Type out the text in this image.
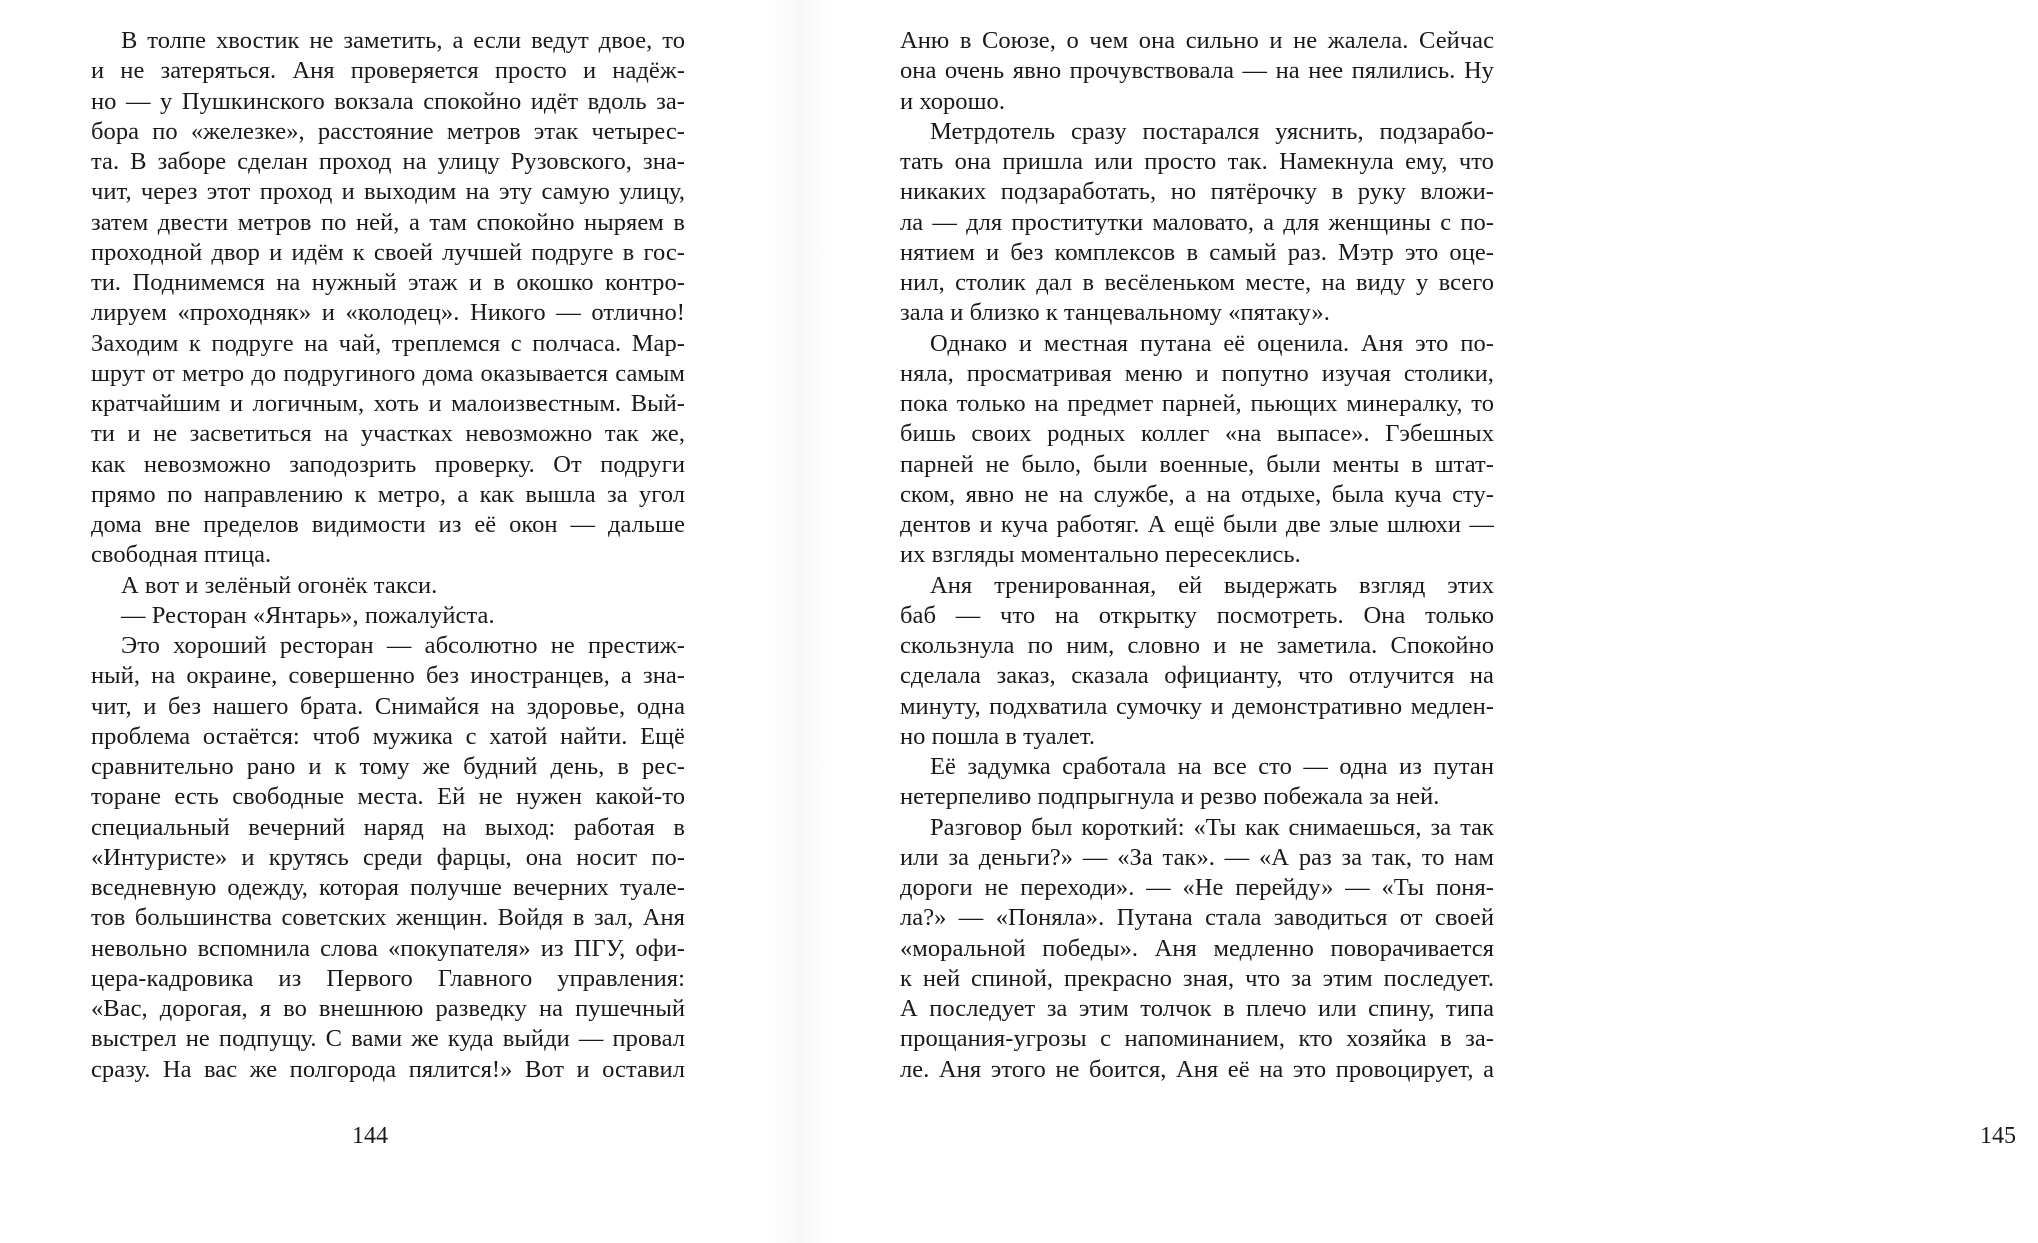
В толпе хвостик не заметить, а если ведут двое, то
и не затеряться. Аня проверяется просто и надёж-
но — у Пушкинского вокзала спокойно идёт вдоль за-
бора по «железке», расстояние метров этак четырес-
та. В заборе сделан проход на улицу Рузовского, зна-
чит, через этот проход и выходим на эту самую улицу,
затем двести метров по ней, а там спокойно ныряем в
проходной двор и идём к своей лучшей подруге в гос-
ти. Поднимемся на нужный этаж и в окошко контро-
лируем «проходняк» и «колодец». Никого — отлично!
Заходим к подруге на чай, треплемся с полчаса. Мар-
шрут от метро до подругиного дома оказывается самым
кратчайшим и логичным, хоть и малоизвестным. Вый-
ти и не засветиться на участках невозможно так же,
как невозможно заподозрить проверку. От подруги
прямо по направлению к метро, а как вышла за угол
дома вне пределов видимости из её окон — дальше
свободная птица.
А вот и зелёный огонёк такси.
— Ресторан «Янтарь», пожалуйста.
Это хороший ресторан — абсолютно не престиж-
ный, на окраине, совершенно без иностранцев, а зна-
чит, и без нашего брата. Снимайся на здоровье, одна
проблема остаётся: чтоб мужика с хатой найти. Ещё
сравнительно рано и к тому же будний день, в рес-
торане есть свободные места. Ей не нужен какой-то
специальный вечерний наряд на выход: работая в
«Интуристе» и крутясь среди фарцы, она носит по-
вседневную одежду, которая получше вечерних туале-
тов большинства советских женщин. Войдя в зал, Аня
невольно вспомнила слова «покупателя» из ПГУ, офи-
цера-кадровика из Первого Главного управления:
«Вас, дорогая, я во внешнюю разведку на пушечный
выстрел не подпущу. С вами же куда выйди — провал
сразу. На вас же полгорода пялится!» Вот и оставил
144	145
Аню в Союзе, о чем она сильно и не жалела. Сейчас
она очень явно прочувствовала — на нее пялились. Ну
и хорошо.
Метрдотель сразу постарался уяснить, подзарабо-
тать она пришла или просто так. Намекнула ему, что
никаких подзаработать, но пятёрочку в руку вложи-
ла — для проститутки маловато, а для женщины с по-
нятием и без комплексов в самый раз. Мэтр это оце-
нил, столик дал в весёленьком месте, на виду у всего
зала и близко к танцевальному «пятаку».
Однако и местная путана её оценила. Аня это по-
няла, просматривая меню и попутно изучая столики,
пока только на предмет парней, пьющих минералку, то
бишь своих родных коллег «на выпасе». Гэбешных
парней не было, были военные, были менты в штат-
ском, явно не на службе, а на отдыхе, была куча сту-
дентов и куча работяг. А ещё были две злые шлюхи —
их взгляды моментально пересеклись.
Аня тренированная, ей выдержать взгляд этих
баб — что на открытку посмотреть. Она только
скользнула по ним, словно и не заметила. Спокойно
сделала заказ, сказала официанту, что отлучится на
минуту, подхватила сумочку и демонстративно медлен-
но пошла в туалет.
Её задумка сработала на все сто — одна из путан
нетерпеливо подпрыгнула и резво побежала за ней.
Разговор был короткий: «Ты как снимаешься, за так
или за деньги?» — «За так». — «А раз за так, то нам
дороги не переходи». — «Не перейду» — «Ты поня-
ла?» — «Поняла». Путана стала заводиться от своей
«моральной победы». Аня медленно поворачивается
к ней спиной, прекрасно зная, что за этим последует.
А последует за этим толчок в плечо или спину, типа
прощания-угрозы с напоминанием, кто хозяйка в за-
ле. Аня этого не боится, Аня её на это провоцирует, а
